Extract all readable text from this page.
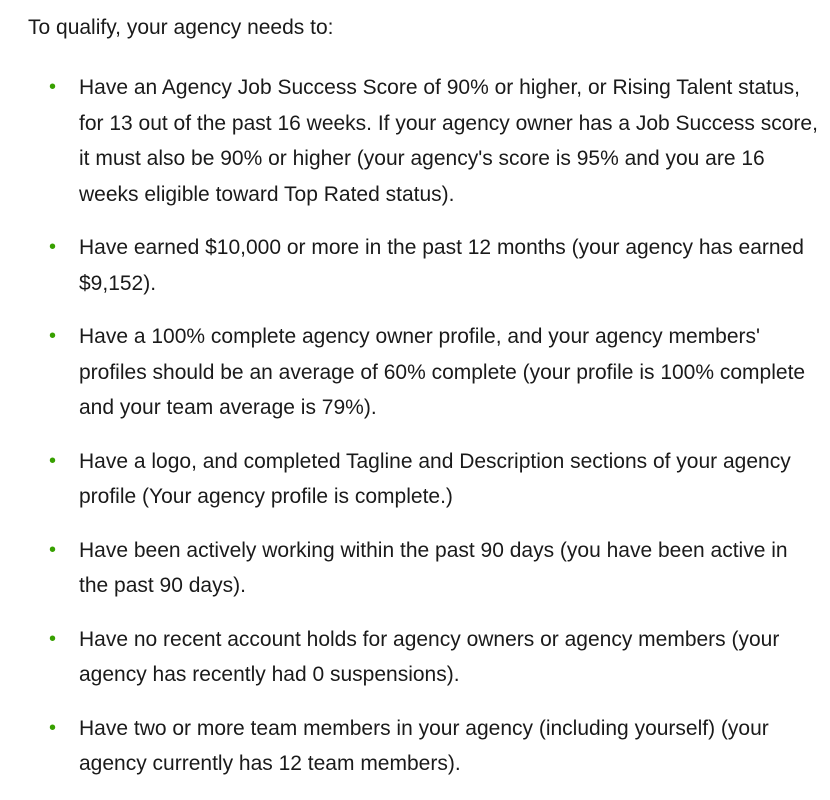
To qualify, your agency needs to:

• Have an Agency Job Success Score of 90% or higher, or Rising Talent status, for 13 out of the past 16 weeks. If your agency owner has a Job Success score, it must also be 90% or higher (your agency's score is 95% and you are 16 weeks eligible toward Top Rated status).
• Have earned $10,000 or more in the past 12 months (your agency has earned $9,152).
• Have a 100% complete agency owner profile, and your agency members' profiles should be an average of 60% complete (your profile is 100% complete and your team average is 79%).
• Have a logo, and completed Tagline and Description sections of your agency profile (Your agency profile is complete.)
• Have been actively working within the past 90 days (you have been active in the past 90 days).
• Have no recent account holds for agency owners or agency members (your agency has recently had 0 suspensions).
• Have two or more team members in your agency (including yourself) (your agency currently has 12 team members).
